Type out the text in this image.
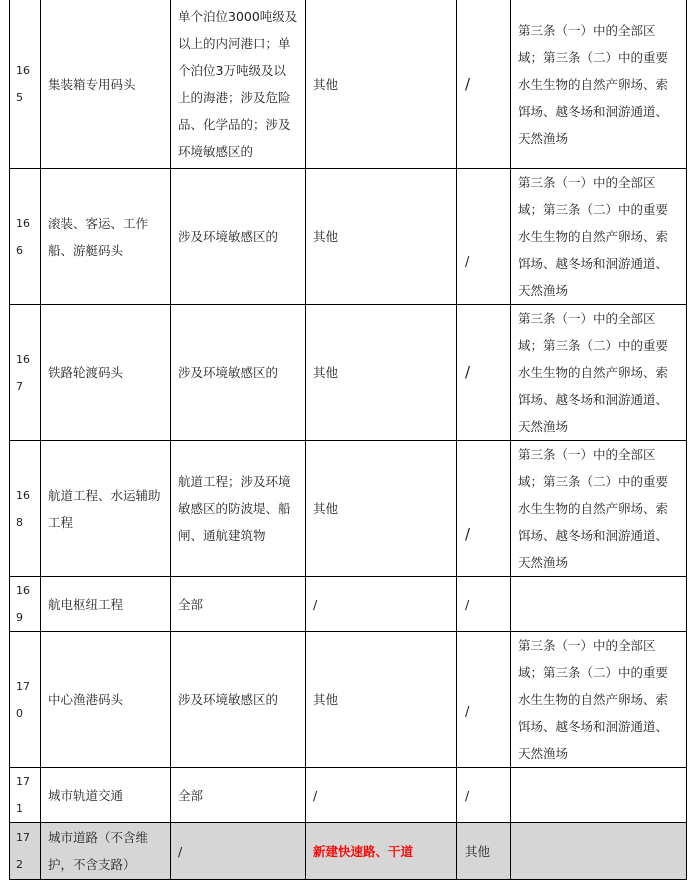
165	集装箱专用码头	单个泊位3000吨级及以上的内河港口；单个泊位3万吨级及以上的海港；涉及危险品、化学品的；涉及环境敏感区的	其他	/	第三条（一）中的全部区域；第三条（二）中的重要水生生物的自然产卵场、索饵场、越冬场和洄游通道、天然渔场
166	滚装、客运、工作船、游艇码头	涉及环境敏感区的	其他	/	第三条（一）中的全部区域；第三条（二）中的重要水生生物的自然产卵场、索饵场、越冬场和洄游通道、天然渔场
167	铁路轮渡码头	涉及环境敏感区的	其他	/	第三条（一）中的全部区域；第三条（二）中的重要水生生物的自然产卵场、索饵场、越冬场和洄游通道、天然渔场
168	航道工程、水运辅助工程	航道工程；涉及环境敏感区的防波堤、船闸、通航建筑物	其他	/	第三条（一）中的全部区域；第三条（二）中的重要水生生物的自然产卵场、索饵场、越冬场和洄游通道、天然渔场
169	航电枢纽工程	全部	/	/	
170	中心渔港码头	涉及环境敏感区的	其他	/	第三条（一）中的全部区域；第三条（二）中的重要水生生物的自然产卵场、索饵场、越冬场和洄游通道、天然渔场
171	城市轨道交通	全部	/	/	
172	城市道路（不含维护，不含支路）	/	新建快速路、干道	其他	
